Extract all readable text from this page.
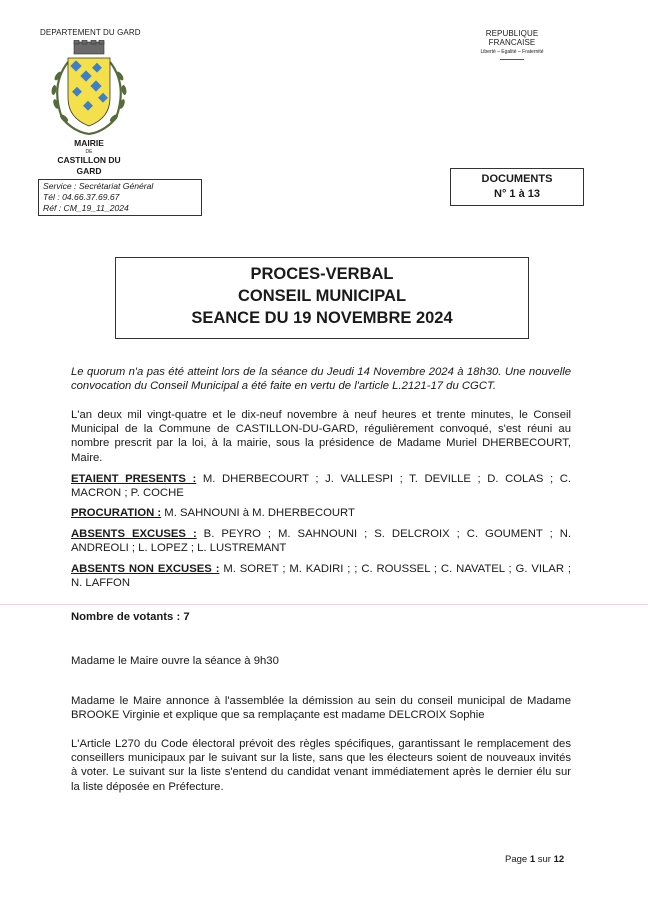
DEPARTEMENT DU GARD
MAIRIE
DE
CASTILLON DU GARD
REPUBLIQUE FRANCAISE
Liberté – Egalité – Fraternité
Service : Secrétariat Général
Tél : 04.66.37.69.67
Réf : CM_19_11_2024
DOCUMENTS
N° 1 à 13
PROCES-VERBAL
CONSEIL MUNICIPAL
SEANCE DU 19 NOVEMBRE 2024
Le quorum n'a pas été atteint lors de la séance du Jeudi 14 Novembre 2024 à 18h30. Une nouvelle convocation du Conseil Municipal a été faite en vertu de l'article L.2121-17 du CGCT.
L'an deux mil vingt-quatre et le dix-neuf novembre à neuf heures et trente minutes, le Conseil Municipal de la Commune de CASTILLON-DU-GARD, régulièrement convoqué, s'est réuni au nombre prescrit par la loi, à la mairie, sous la présidence de Madame Muriel DHERBECOURT, Maire.
ETAIENT PRESENTS : M. DHERBECOURT ; J. VALLESPI ; T. DEVILLE ; D. COLAS ; C. MACRON ; P. COCHE
PROCURATION : M. SAHNOUNI à M. DHERBECOURT
ABSENTS EXCUSES : B. PEYRO ; M. SAHNOUNI ; S. DELCROIX ; C. GOUMENT ; N. ANDREOLI ; L. LOPEZ ; L. LUSTREMANT
ABSENTS NON EXCUSES : M. SORET ; M. KADIRI ; ; C. ROUSSEL ; C. NAVATEL ; G. VILAR ; N. LAFFON
Nombre de votants : 7
Madame le Maire ouvre la séance à 9h30
Madame le Maire annonce à l'assemblée la démission au sein du conseil municipal de Madame BROOKE Virginie et explique que sa remplaçante est madame DELCROIX Sophie
L'Article L270 du Code électoral prévoit des règles spécifiques, garantissant le remplacement des conseillers municipaux par le suivant sur la liste, sans que les électeurs soient de nouveaux invités à voter. Le suivant sur la liste s'entend du candidat venant immédiatement après le dernier élu sur la liste déposée en Préfecture.
Page 1 sur 12
